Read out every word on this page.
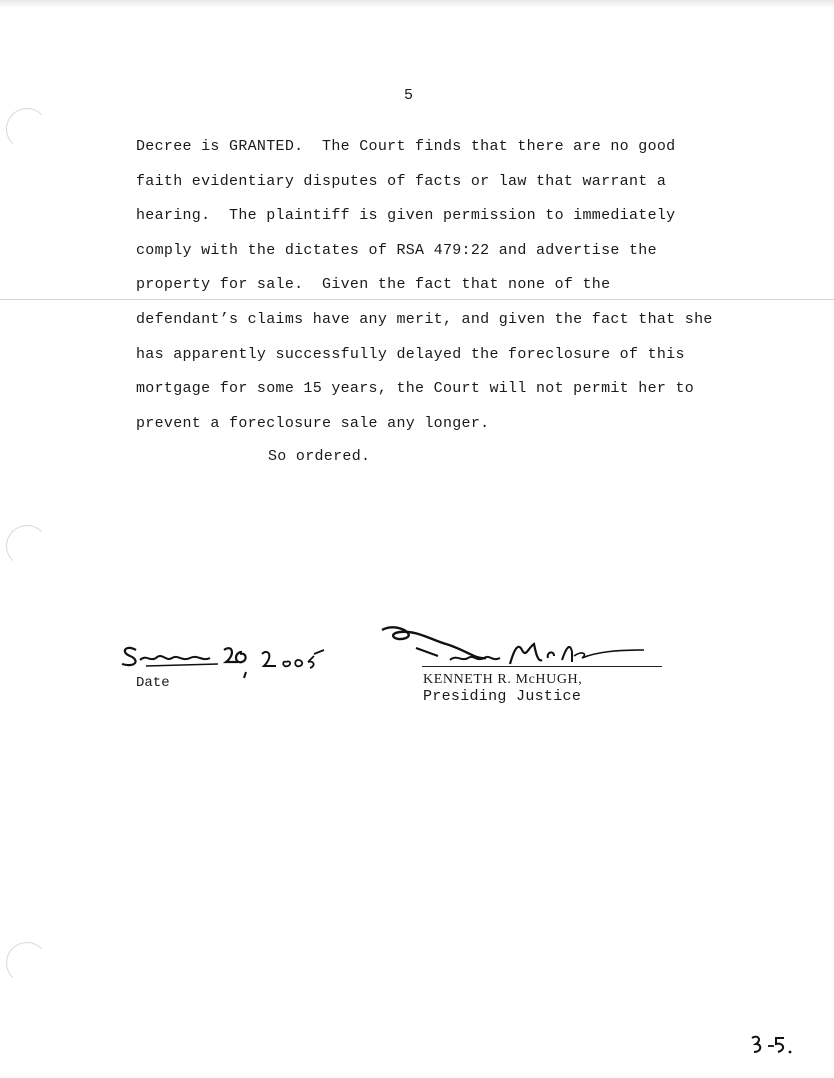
5
Decree is GRANTED.  The Court finds that there are no good
faith evidentiary disputes of facts or law that warrant a
hearing.  The plaintiff is given permission to immediately
comply with the dictates of RSA 479:22 and advertise the
property for sale.  Given the fact that none of the
defendant’s claims have any merit, and given the fact that she
has apparently successfully delayed the foreclosure of this
mortgage for some 15 years, the Court will not permit her to
prevent a foreclosure sale any longer.
So ordered.
Date	KENNETH R. McHUGH,
Presiding Justice
